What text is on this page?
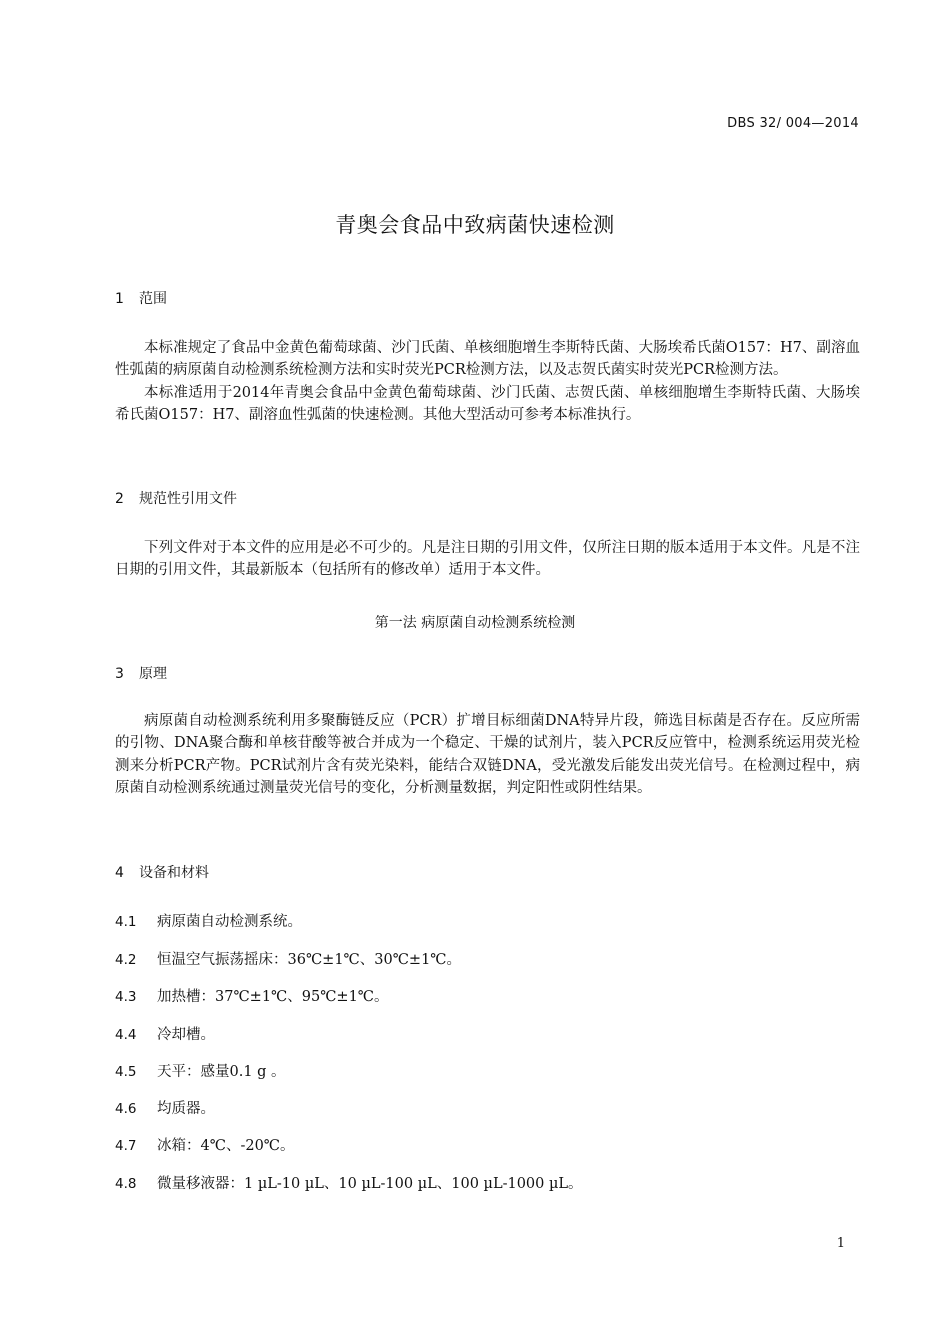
DBS 32/ 004—2014
青奥会食品中致病菌快速检测
1 范围

本标准规定了食品中金黄色葡萄球菌、沙门氏菌、单核细胞增生李斯特氏菌、大肠埃希氏菌O157：H7、副溶血性弧菌的病原菌自动检测系统检测方法和实时荧光PCR检测方法，以及志贺氏菌实时荧光PCR检测方法。

本标准适用于2014年青奥会食品中金黄色葡萄球菌、沙门氏菌、志贺氏菌、单核细胞增生李斯特氏菌、大肠埃希氏菌O157：H7、副溶血性弧菌的快速检测。其他大型活动可参考本标准执行。

2 规范性引用文件

下列文件对于本文件的应用是必不可少的。凡是注日期的引用文件，仅所注日期的版本适用于本文件。凡是不注日期的引用文件，其最新版本（包括所有的修改单）适用于本文件。

第一法 病原菌自动检测系统检测
3 原理

病原菌自动检测系统利用多聚酶链反应（PCR）扩增目标细菌DNA特异片段，筛选目标菌是否存在。反应所需的引物、DNA聚合酶和单核苷酸等被合并成为一个稳定、干燥的试剂片，装入PCR反应管中，检测系统运用荧光检测来分析PCR产物。PCR试剂片含有荧光染料，能结合双链DNA，受光激发后能发出荧光信号。在检测过程中，病原菌自动检测系统通过测量荧光信号的变化，分析测量数据，判定阳性或阴性结果。

4 设备和材料
4.1 病原菌自动检测系统。
4.2 恒温空气振荡摇床：36℃±1℃、30℃±1℃。
4.3 加热槽：37℃±1℃、95℃±1℃。
4.4 冷却槽。
4.5 天平：感量0.1 g 。
4.6 均质器。
4.7 冰箱：4℃、-20℃。
4.8 微量移液器：1 µL-10 µL、10 µL-100 µL、100 µL-1000 µL。
1
